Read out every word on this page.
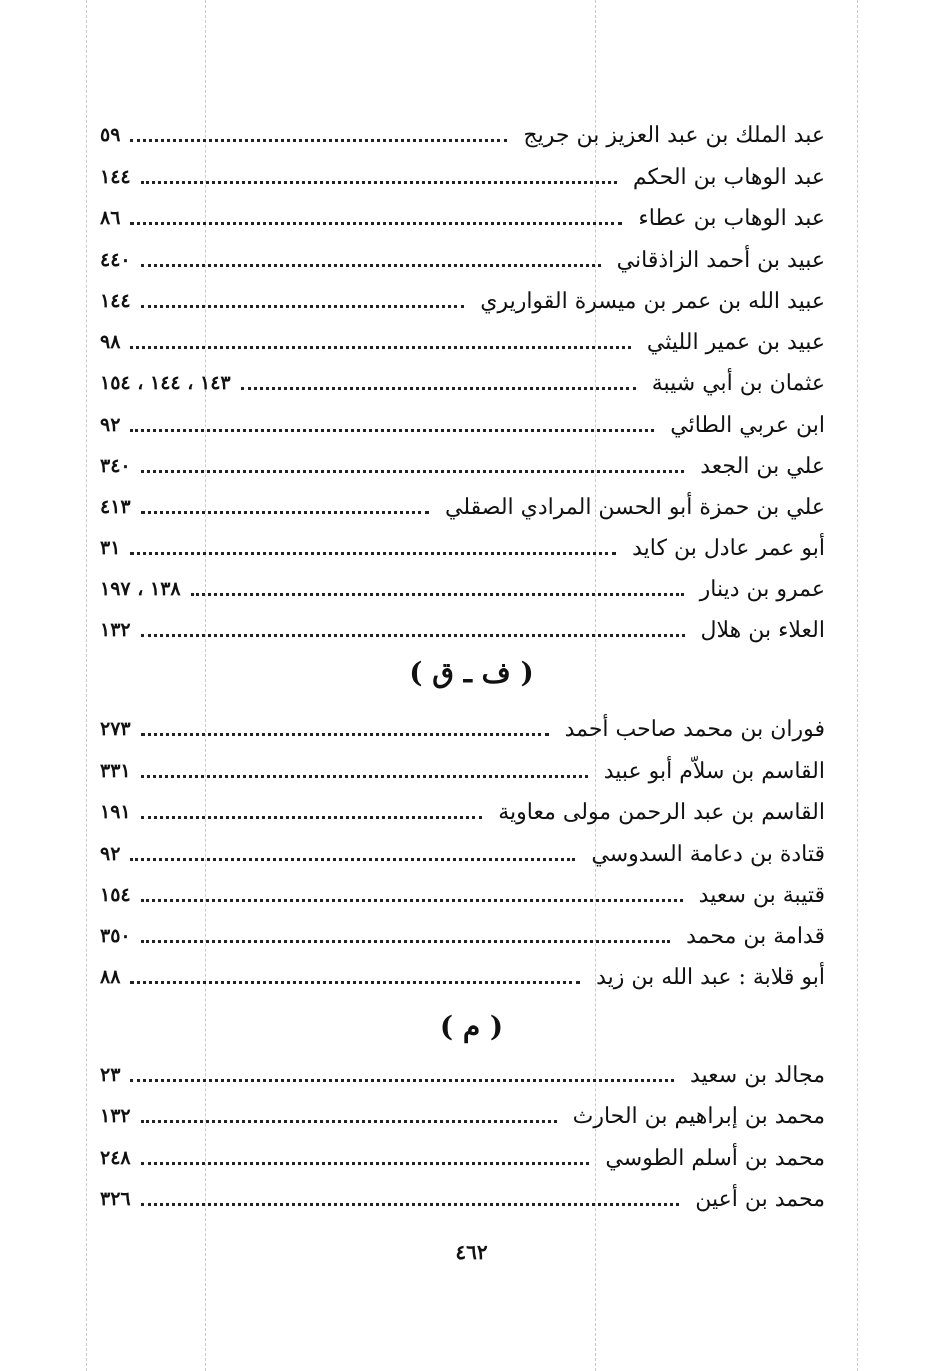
عبد الملك بن عبد العزيز بن جريج
٥٩
عبد الوهاب بن الحكم
١٤٤
عبد الوهاب بن عطاء
٨٦
عبيد بن أحمد الزاذقاني
٤٤٠
عبيد الله بن عمر بن ميسرة القواريري
١٤٤
عبيد بن عمير الليثي
٩٨
عثمان بن أبي شيبة
١٤٣ ، ١٤٤ ، ١٥٤
ابن عربي الطائي
٩٢
علي بن الجعد
٣٤٠
علي بن حمزة أبو الحسن المرادي الصقلي
٤١٣
أبو عمر عادل بن كايد
٣١
عمرو بن دينار
١٣٨ ، ١٩٧
العلاء بن هلال
١٣٢
فوران بن محمد صاحب أحمد
٢٧٣
القاسم بن سلاّم أبو عبيد
٣٣١
القاسم بن عبد الرحمن مولى معاوية
١٩١
قتادة بن دعامة السدوسي
٩٢
قتيبة بن سعيد
١٥٤
قدامة بن محمد
٣٥٠
أبو قلابة : عبد الله بن زيد
٨٨
مجالد بن سعيد
٢٣
محمد بن إبراهيم بن الحارث
١٣٢
محمد بن أسلم الطوسي
٢٤٨
محمد بن أعين
٣٢٦
( ف ـ ق )
( م )
٤٦٢
